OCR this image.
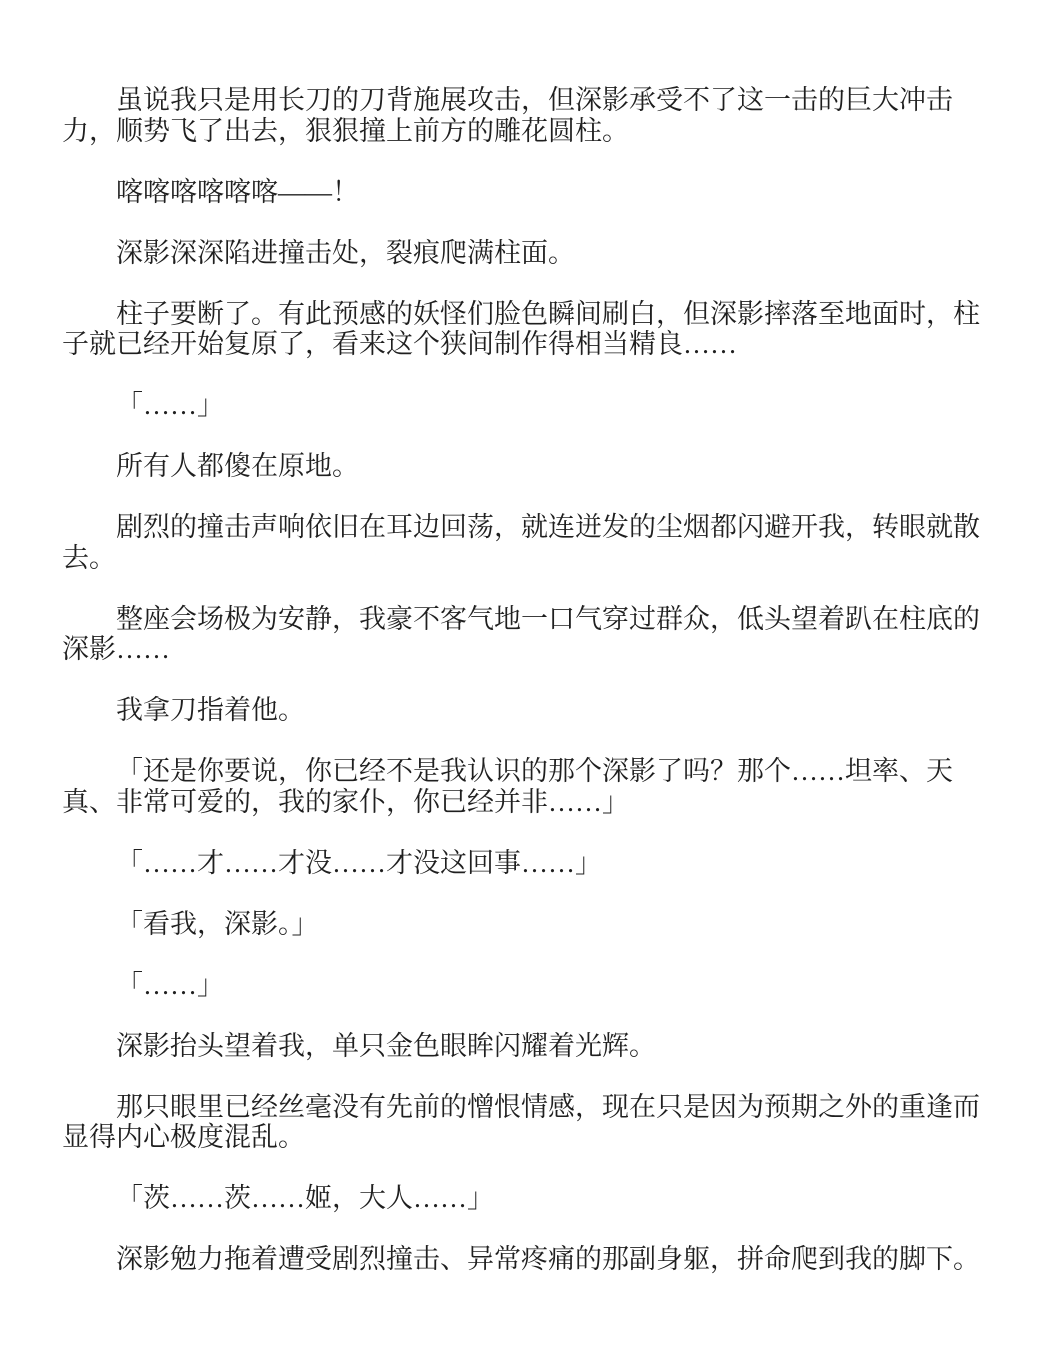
虽说我只是用长刀的刀背施展攻击，但深影承受不了这一击的巨大冲击力，顺势飞了出去，狠狠撞上前方的雕花圆柱。

喀喀喀喀喀喀——！

深影深深陷进撞击处，裂痕爬满柱面。

柱子要断了。有此预感的妖怪们脸色瞬间刷白，但深影摔落至地面时，柱子就已经开始复原了，看来这个狭间制作得相当精良……

「……」

所有人都傻在原地。

剧烈的撞击声响依旧在耳边回荡，就连迸发的尘烟都闪避开我，转眼就散去。

整座会场极为安静，我豪不客气地一口气穿过群众，低头望着趴在柱底的深影……

我拿刀指着他。

「还是你要说，你已经不是我认识的那个深影了吗？那个……坦率、天真、非常可爱的，我的家仆，你已经并非……」

「……才……才没……才没这回事……」

「看我，深影。」

「……」

深影抬头望着我，单只金色眼眸闪耀着光辉。

那只眼里已经丝毫没有先前的憎恨情感，现在只是因为预期之外的重逢而显得内心极度混乱。

「茨……茨……姬，大人……」

深影勉力拖着遭受剧烈撞击、异常疼痛的那副身躯，拼命爬到我的脚下。
